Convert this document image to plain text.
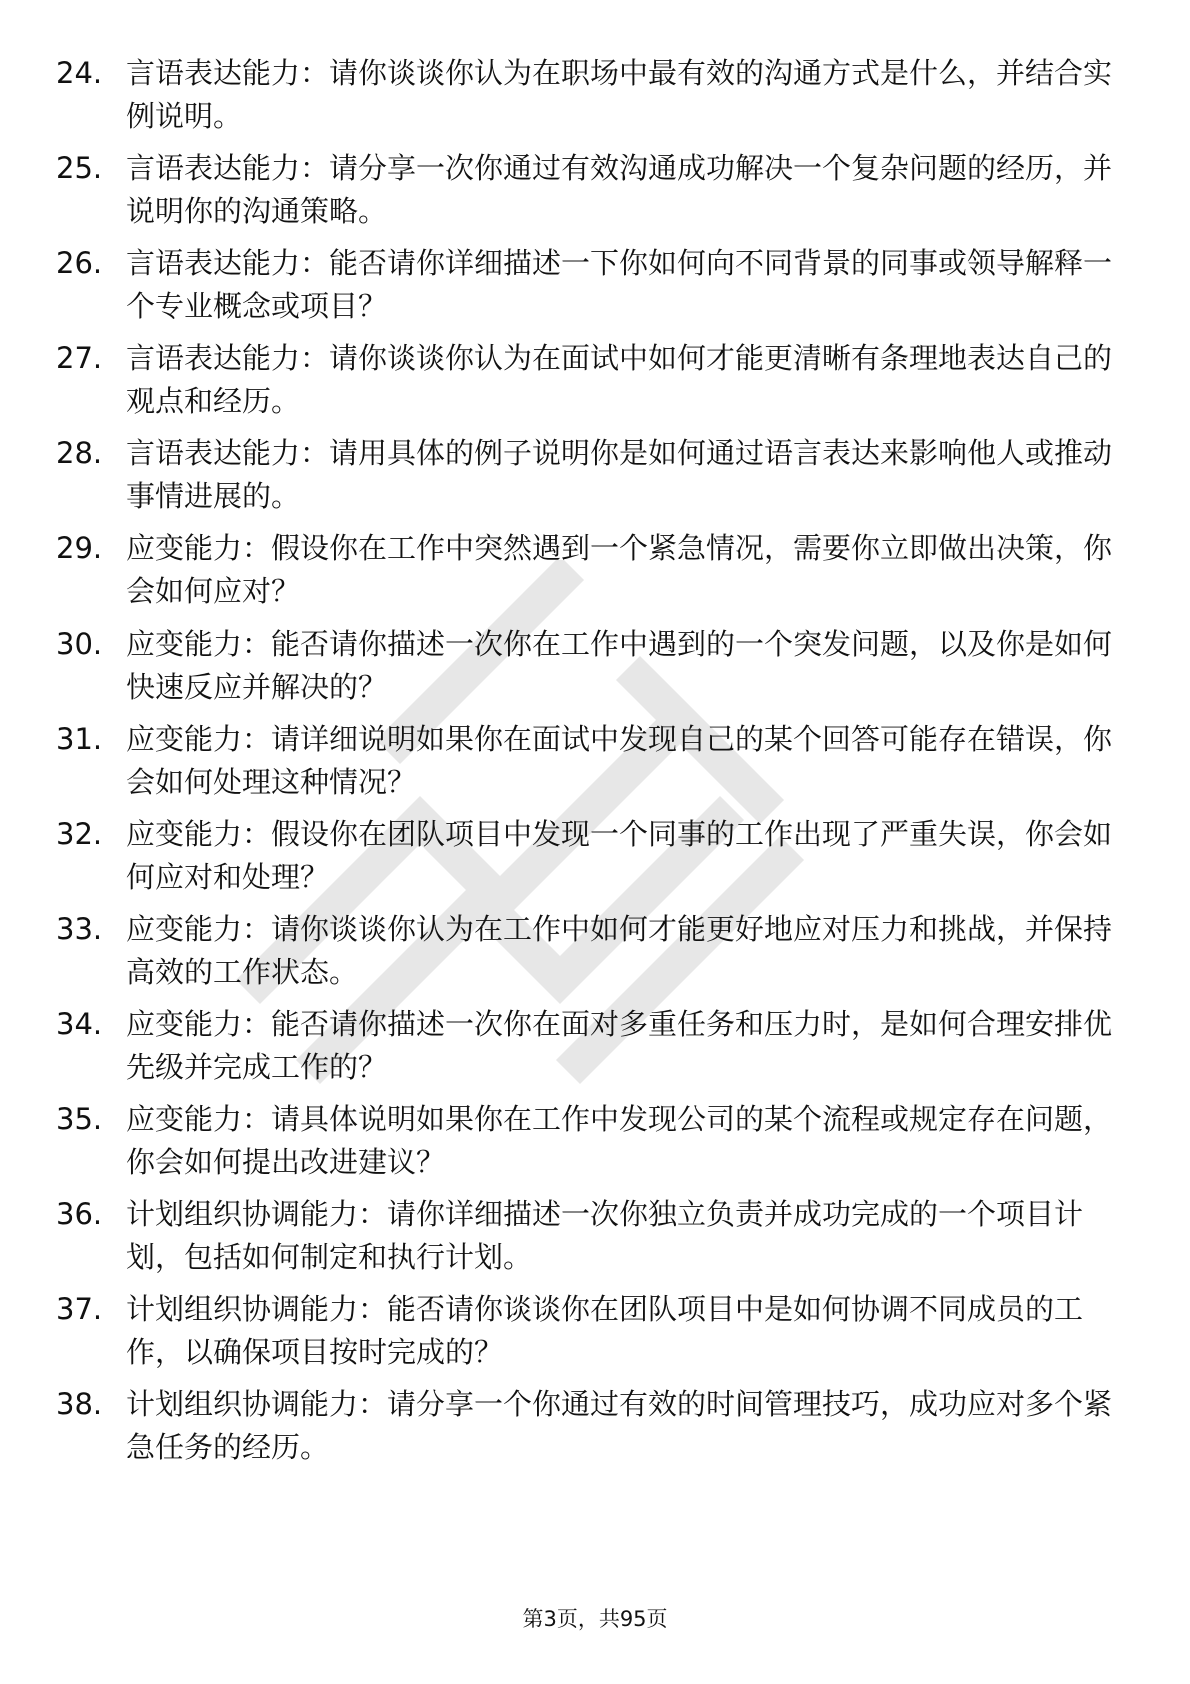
24. 言语表达能力：请你谈谈你认为在职场中最有效的沟通方式是什么，并结合实例说明。
25. 言语表达能力：请分享一次你通过有效沟通成功解决一个复杂问题的经历，并说明你的沟通策略。
26. 言语表达能力：能否请你详细描述一下你如何向不同背景的同事或领导解释一个专业概念或项目？
27. 言语表达能力：请你谈谈你认为在面试中如何才能更清晰有条理地表达自己的观点和经历。
28. 言语表达能力：请用具体的例子说明你是如何通过语言表达来影响他人或推动事情进展的。
29. 应变能力：假设你在工作中突然遇到一个紧急情况，需要你立即做出决策，你会如何应对？
30. 应变能力：能否请你描述一次你在工作中遇到的一个突发问题，以及你是如何快速反应并解决的？
31. 应变能力：请详细说明如果你在面试中发现自己的某个回答可能存在错误，你会如何处理这种情况？
32. 应变能力：假设你在团队项目中发现一个同事的工作出现了严重失误，你会如何应对和处理？
33. 应变能力：请你谈谈你认为在工作中如何才能更好地应对压力和挑战，并保持高效的工作状态。
34. 应变能力：能否请你描述一次你在面对多重任务和压力时，是如何合理安排优先级并完成工作的？
35. 应变能力：请具体说明如果你在工作中发现公司的某个流程或规定存在问题，你会如何提出改进建议？
36. 计划组织协调能力：请你详细描述一次你独立负责并成功完成的一个项目计划，包括如何制定和执行计划。
37. 计划组织协调能力：能否请你谈谈你在团队项目中是如何协调不同成员的工作，以确保项目按时完成的？
38. 计划组织协调能力：请分享一个你通过有效的时间管理技巧，成功应对多个紧急任务的经历。
第3页，共95页
